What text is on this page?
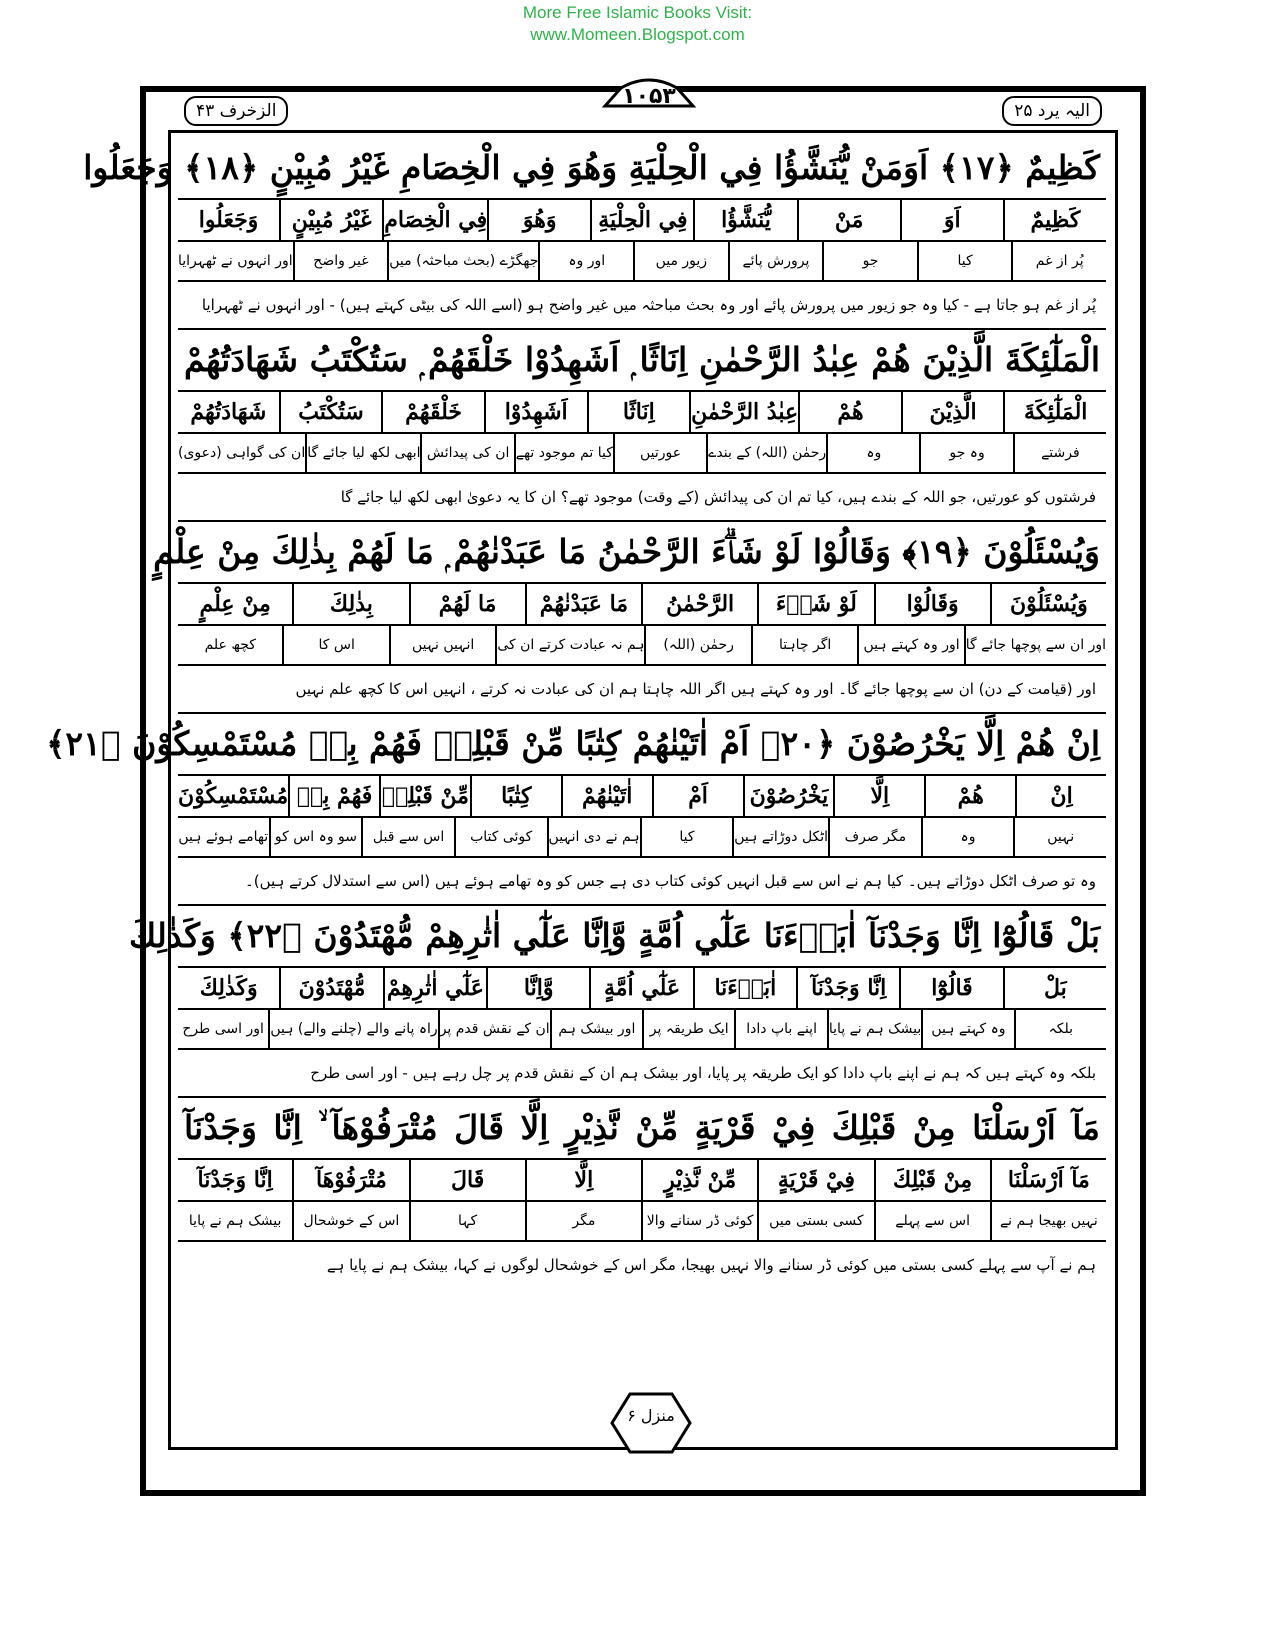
More Free Islamic Books Visit:
www.Momeen.Blogspot.com
الزخرف ۴۳	الیہ یرد ۲۵
۱۰۵۳
كَظِيمٌ ﴿١٧﴾ اَوَمَنْ يُّنَشَّؤُا فِي الْحِلْيَةِ وَهُوَ فِي الْخِصَامِ غَيْرُ مُبِيْنٍ ﴿١٨﴾ وَجَعَلُوا
كَظِيمٌ
اَوَ
مَنْ
يُّنَشَّؤُا
فِي الْحِلْيَةِ
وَهُوَ
فِي الْخِصَامِ
غَيْرُ مُبِيْنٍ
وَجَعَلُوا
پُر از غم
کیا
جو
پرورش پائے
زیور میں
اور وہ
جھگڑے (بحث مباحثہ) میں
غیر واضح
اور انہوں نے ٹھہرایا
پُر از غم ہو جاتا ہے - کیا وہ جو زیور میں پرورش پائے اور وہ بحث مباحثہ میں غیر واضح ہو (اسے اللہ کی بیٹی کہتے ہیں) - اور انہوں نے ٹھہرایا
الْمَلٰٓئِكَةَ الَّذِيْنَ هُمْ عِبٰدُ الرَّحْمٰنِ اِنَاثًا ۭ اَشَهِدُوْا خَلْقَهُمْ ۭ سَتُكْتَبُ شَهَادَتُهُمْ
الْمَلٰٓئِكَةَ
الَّذِيْنَ
هُمْ
عِبٰدُ الرَّحْمٰنِ
اِنَاثًا
اَشَهِدُوْا
خَلْقَهُمْ
سَتُكْتَبُ
شَهَادَتُهُمْ
فرشتے
وہ جو
وہ
رحمٰن (اللہ) کے بندے
عورتیں
کیا تم موجود تھے
ان کی پیدائش
ابھی لکھ لیا جائے گا
ان کی گواہی (دعوی)
فرشتوں کو عورتیں، جو اللہ کے بندے ہیں، کیا تم ان کی پیدائش (کے وقت) موجود تھے؟ ان کا یہ دعویٰ ابھی لکھ لیا جائے گا
وَيُسْئَلُوْنَ ﴿١٩﴾ وَقَالُوْا لَوْ شَاۗءَ الرَّحْمٰنُ مَا عَبَدْنٰهُمْ ۭ مَا لَهُمْ بِذٰلِكَ مِنْ عِلْمٍ
وَيُسْئَلُوْنَ
وَقَالُوْا
لَوْ شَاۗءَ
الرَّحْمٰنُ
مَا عَبَدْنٰهُمْ
مَا لَهُمْ
بِذٰلِكَ
مِنْ عِلْمٍ
اور ان سے پوچھا جائے گا
اور وہ کہتے ہیں
اگر چاہتا
رحمٰن (اللہ)
ہم نہ عبادت کرتے ان کی
انہیں نہیں
اس کا
کچھ علم
اور (قیامت کے دن) ان سے پوچھا جائے گا۔ اور وہ کہتے ہیں اگر اللہ چاہتا ہم ان کی عبادت نہ کرتے ، انہیں اس کا کچھ علم نہیں
اِنْ هُمْ اِلَّا يَخْرُصُوْنَ ﴿٢٠﴾ اَمْ اٰتَيْنٰهُمْ كِتٰبًا مِّنْ قَبْلِهٖ فَهُمْ بِهٖ مُسْتَمْسِكُوْنَ ﴿٢١﴾
اِنْ
هُمْ
اِلَّا
يَخْرُصُوْنَ
اَمْ
اٰتَيْنٰهُمْ
كِتٰبًا
مِّنْ قَبْلِهٖ
فَهُمْ بِهٖ
مُسْتَمْسِكُوْنَ
نہیں
وہ
مگر صرف
اٹکل دوڑاتے ہیں
کیا
ہم نے دی انہیں
کوئی کتاب
اس سے قبل
سو وہ اس کو
تھامے ہوئے ہیں
وہ تو صرف اٹکل دوڑاتے ہیں۔ کیا ہم نے اس سے قبل انہیں کوئی کتاب دی ہے جس کو وہ تھامے ہوئے ہیں (اس سے استدلال کرتے ہیں)۔
بَلْ قَالُوْٓا اِنَّا وَجَدْنَآ اٰبَاۗءَنَا عَلٰٓي اُمَّةٍ وَّاِنَّا عَلٰٓي اٰثٰرِهِمْ مُّهْتَدُوْنَ ﴿٢٢﴾ وَكَذٰلِكَ
بَلْ
قَالُوْٓا
اِنَّا وَجَدْنَآ
اٰبَاۗءَنَا
عَلٰٓي اُمَّةٍ
وَّاِنَّا
عَلٰٓي اٰثٰرِهِمْ
مُّهْتَدُوْنَ
وَكَذٰلِكَ
بلکہ
وہ کہتے ہیں
بیشک ہم نے پایا
اپنے باپ دادا
ایک طریقہ پر
اور بیشک ہم
ان کے نقش قدم پر
راہ پانے والے (چلنے والے) ہیں
اور اسی طرح
بلکہ وہ کہتے ہیں کہ ہم نے اپنے باپ دادا کو ایک طریقہ پر پایا، اور بیشک ہم ان کے نقش قدم پر چل رہے ہیں - اور اسی طرح
مَآ اَرْسَلْنَا مِنْ قَبْلِكَ فِيْ قَرْيَةٍ مِّنْ نَّذِيْرٍ اِلَّا قَالَ مُتْرَفُوْهَآ ۙ اِنَّا وَجَدْنَآ
مَآ اَرْسَلْنَا
مِنْ قَبْلِكَ
فِيْ قَرْيَةٍ
مِّنْ نَّذِيْرٍ
اِلَّا
قَالَ
مُتْرَفُوْهَآ
اِنَّا وَجَدْنَآ
نہیں بھیجا ہم نے
اس سے پہلے
کسی بستی میں
کوئی ڈر سنانے والا
مگر
کہا
اس کے خوشحال
بیشک ہم نے پایا
ہم نے آپ سے پہلے کسی بستی میں کوئی ڈر سنانے والا نہیں بھیجا، مگر اس کے خوشحال لوگوں نے کہا، بیشک ہم نے پایا ہے
منزل ۶
